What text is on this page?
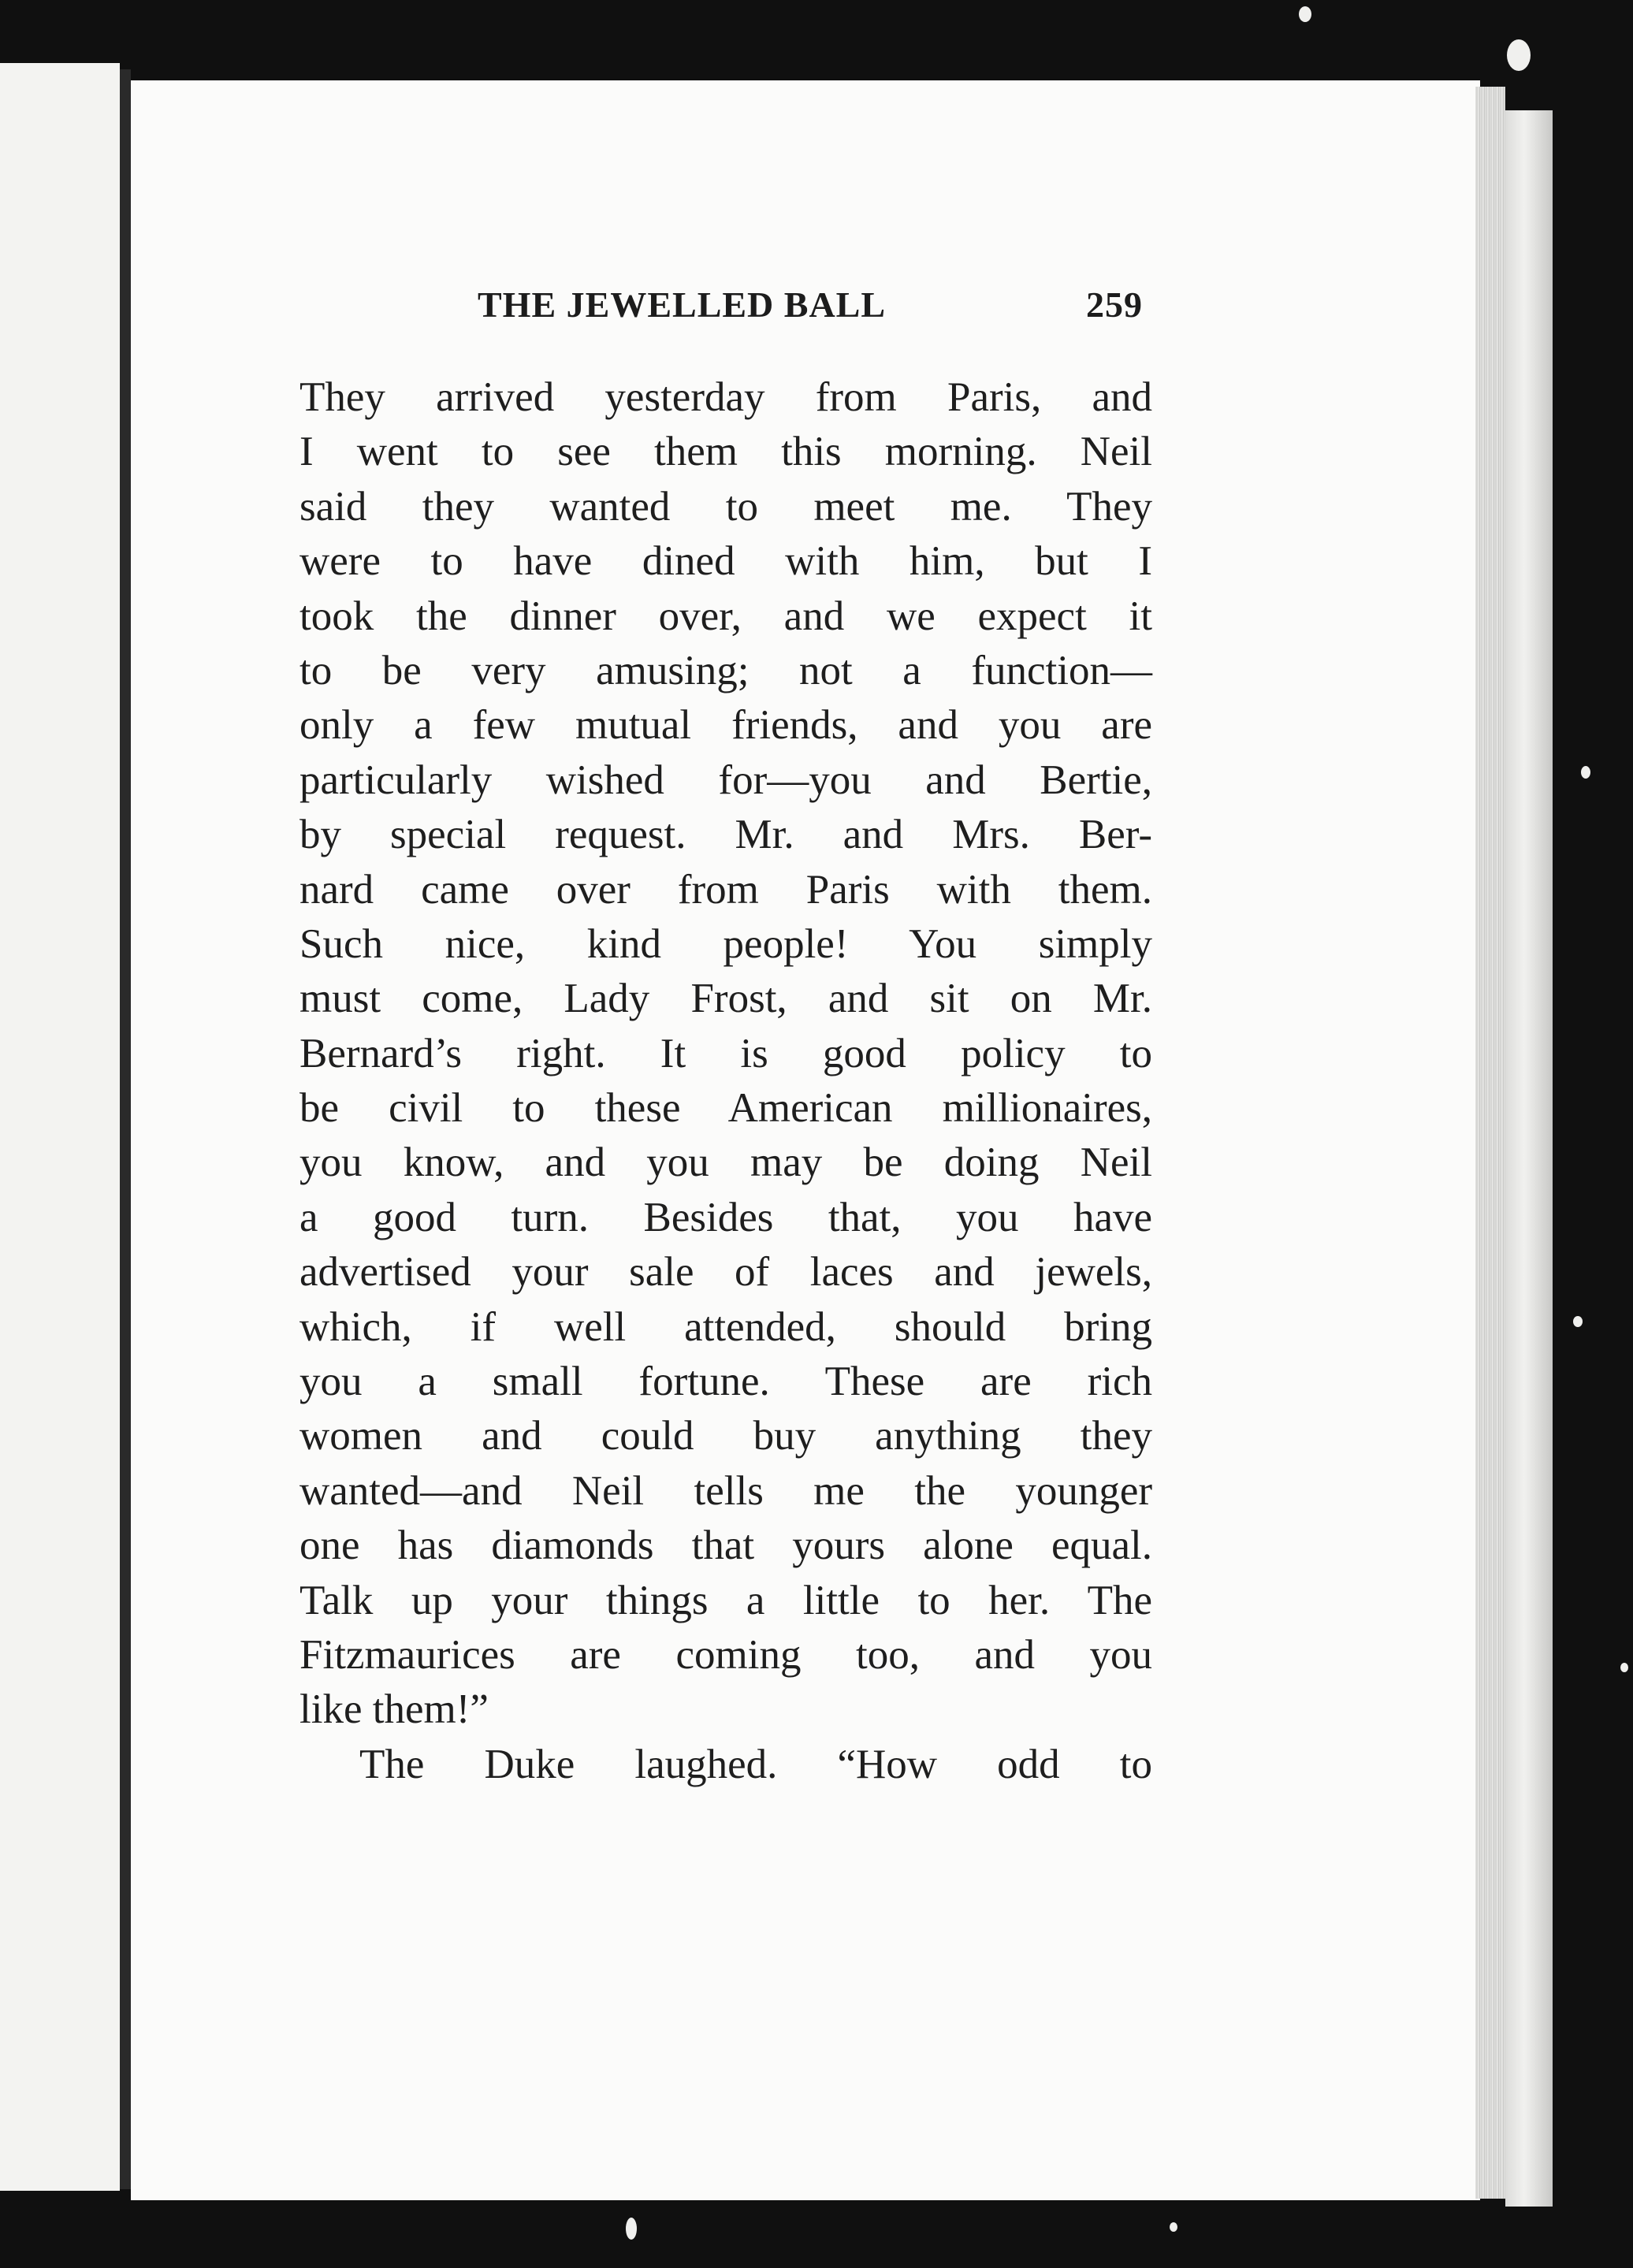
THE JEWELLED BALL	259
They arrived yesterday from Paris, and
I went to see them this morning. Neil
said they wanted to meet me. They
were to have dined with him, but I
took the dinner over, and we expect it
to be very amusing; not a function—
only a few mutual friends, and you are
particularly wished for—you and Bertie,
by special request. Mr. and Mrs. Ber-
nard came over from Paris with them.
Such nice, kind people! You simply
must come, Lady Frost, and sit on Mr.
Bernard’s right. It is good policy to
be civil to these American millionaires,
you know, and you may be doing Neil
a good turn. Besides that, you have
advertised your sale of laces and jewels,
which, if well attended, should bring
you a small fortune. These are rich
women and could buy anything they
wanted—and Neil tells me the younger
one has diamonds that yours alone equal.
Talk up your things a little to her. The
Fitzmaurices are coming too, and you
like them!”
The Duke laughed. “How odd to
